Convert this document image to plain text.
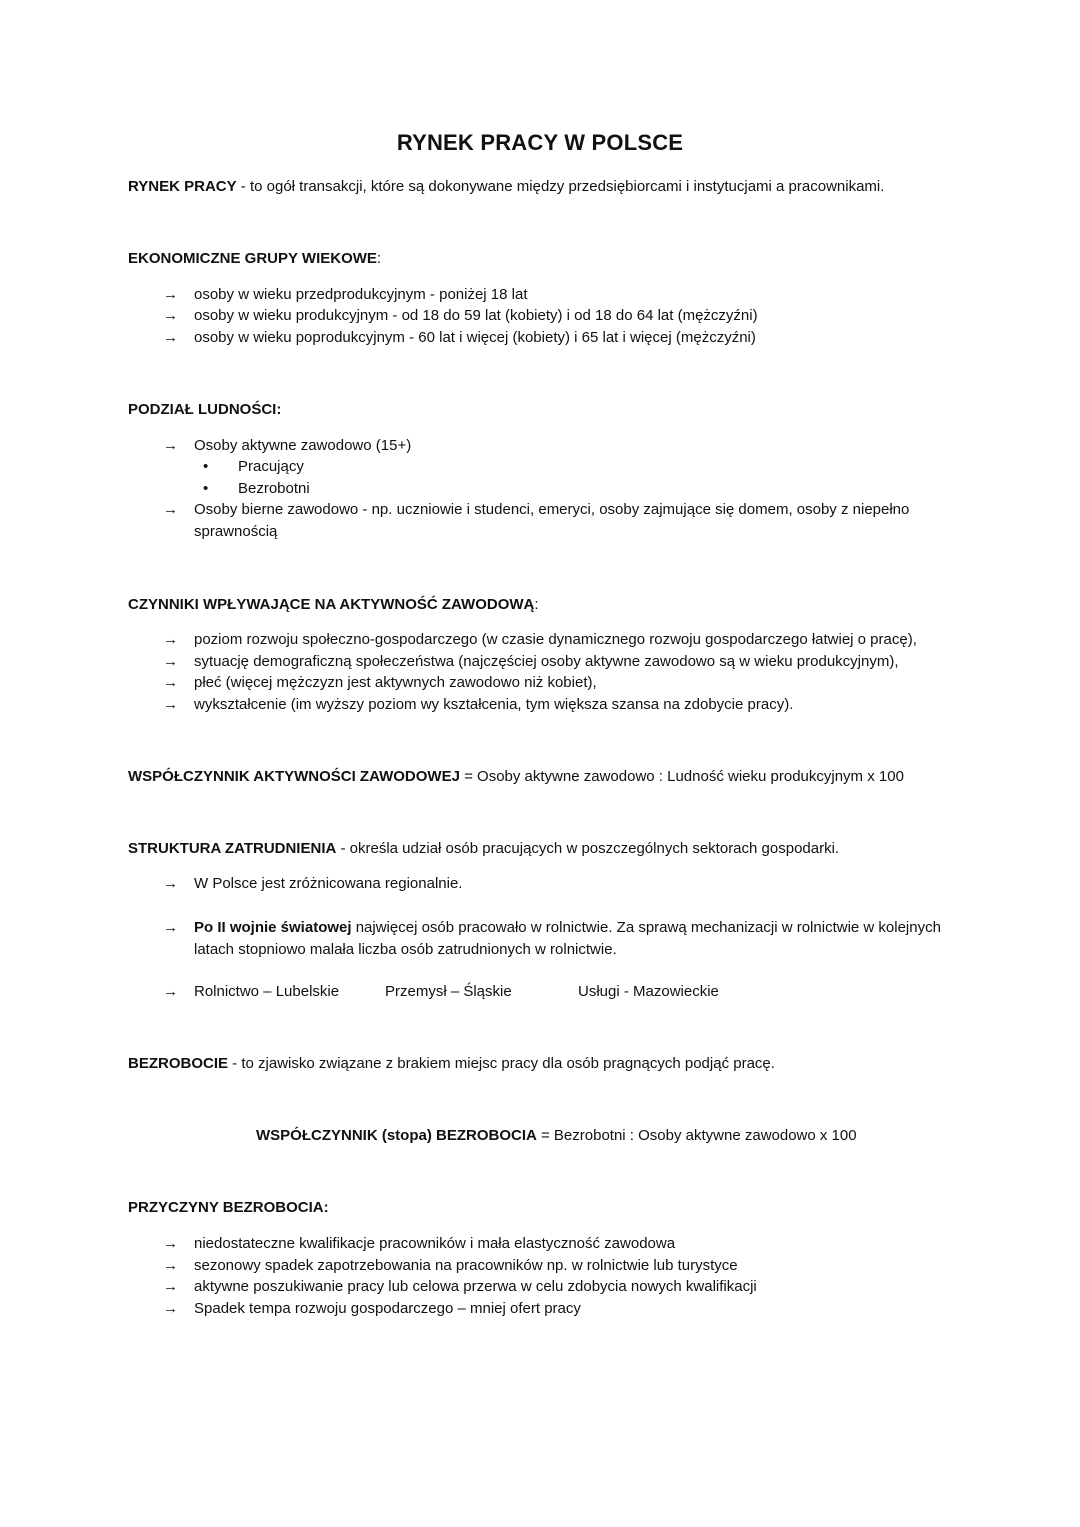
RYNEK PRACY W POLSCE
RYNEK PRACY - to ogół transakcji, które są dokonywane między przedsiębiorcami i instytucjami a pracownikami.
EKONOMICZNE GRUPY WIEKOWE:
→ osoby w wieku przedprodukcyjnym - poniżej 18 lat
→ osoby w wieku produkcyjnym - od 18 do 59 lat (kobiety) i od 18 do 64 lat (mężczyźni)
→ osoby w wieku poprodukcyjnym - 60 lat i więcej (kobiety) i 65 lat i więcej (mężczyźni)
PODZIAŁ LUDNOŚCI:
→ Osoby aktywne zawodowo (15+)
• Pracujący
• Bezrobotni
→ Osoby bierne zawodowo - np. uczniowie i studenci, emeryci, osoby zajmujące się domem, osoby z niepełno sprawnością
CZYNNIKI WPŁYWAJĄCE NA AKTYWNOŚĆ ZAWODOWĄ:
→ poziom rozwoju społeczno-gospodarczego (w czasie dynamicznego rozwoju gospodarczego łatwiej o pracę),
→ sytuację demograficzną społeczeństwa (najczęściej osoby aktywne zawodowo są w wieku produkcyjnym),
→ płeć (więcej mężczyzn jest aktywnych zawodowo niż kobiet),
→ wykształcenie (im wyższy poziom wy kształcenia, tym większa szansa na zdobycie pracy).
WSPÓŁCZYNNIK AKTYWNOŚCI ZAWODOWEJ = Osoby aktywne zawodowo : Ludność wieku produkcyjnym x 100
STRUKTURA ZATRUDNIENIA - określa udział osób pracujących w poszczególnych sektorach gospodarki.
→ W Polsce jest zróżnicowana regionalnie.
→ Po II wojnie światowej najwięcej osób pracowało w rolnictwie. Za sprawą mechanizacji w rolnictwie w kolejnych latach stopniowo malała liczba osób zatrudnionych w rolnictwie.
→ Rolnictwo – Lubelskie	Przemysł – Śląskie	Usługi - Mazowieckie
BEZROBOCIE - to zjawisko związane z brakiem miejsc pracy dla osób pragnących podjąć pracę.
WSPÓŁCZYNNIK (stopa) BEZROBOCIA = Bezrobotni : Osoby aktywne zawodowo x 100
PRZYCZYNY BEZROBOCIA:
→ niedostateczne kwalifikacje pracowników i mała elastyczność zawodowa
→ sezonowy spadek zapotrzebowania na pracowników np. w rolnictwie lub turystyce
→ aktywne poszukiwanie pracy lub celowa przerwa w celu zdobycia nowych kwalifikacji
→ Spadek tempa rozwoju gospodarczego – mniej ofert pracy
